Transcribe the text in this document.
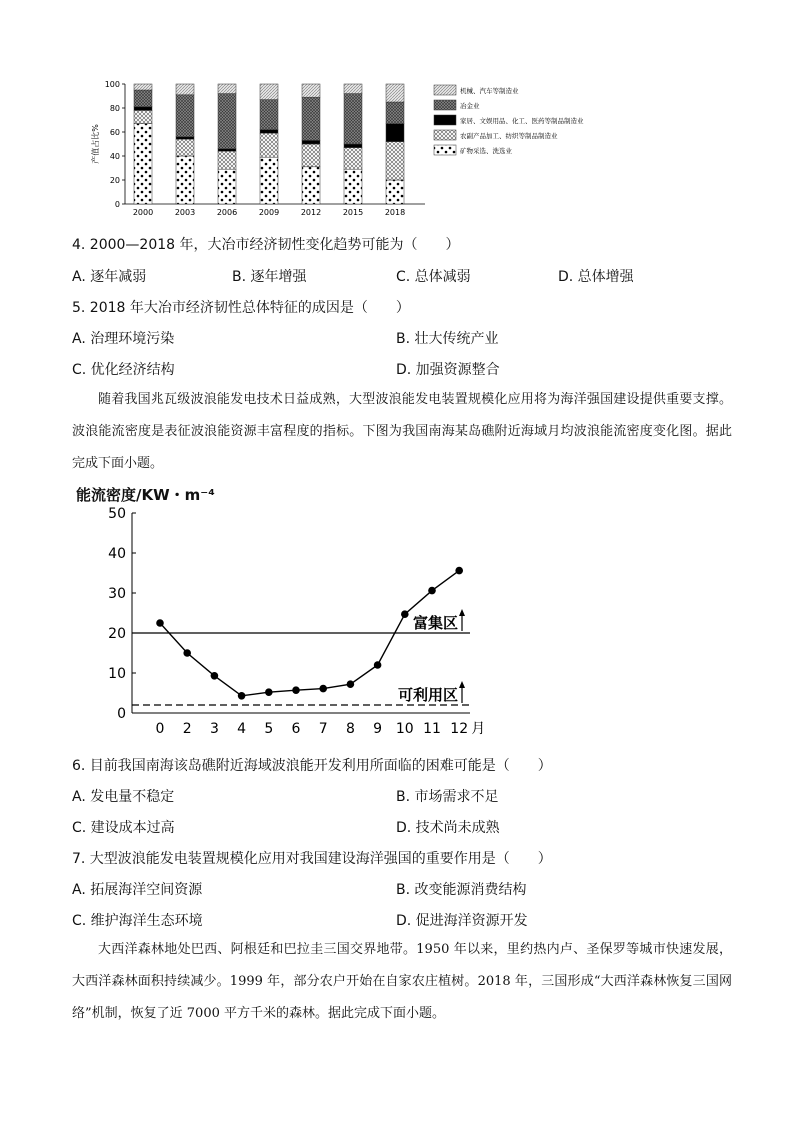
0
20
40
60
80
100
产值占比%
2000	2003	2006	2009	2012	2015	2018
机械、汽车等制造业
冶金业
家居、文娱用品、化工、医药等制品制造业
农副产品加工、纺织等制品制造业
矿物采选、洗选业
4. 2000—2018 年，大冶市经济韧性变化趋势可能为（　　）
A. 逐年减弱	B. 逐年增强	C. 总体减弱	D. 总体增强
5. 2018 年大冶市经济韧性总体特征的成因是（　　）
A. 治理环境污染	B. 壮大传统产业
C. 优化经济结构	D. 加强资源整合
随着我国兆瓦级波浪能发电技术日益成熟，大型波浪能发电装置规模化应用将为海洋强国建设提供重要支撑。波浪能流密度是表征波浪能资源丰富程度的指标。下图为我国南海某岛礁附近海域月均波浪能流密度变化图。据此完成下面小题。
能流密度/KW・m⁻⁴
0
10
20
30
40
50
0 2 3 4 5 6 7 8 9 10 11 12 月
富集区
可利用区
6. 目前我国南海该岛礁附近海域波浪能开发利用所面临的困难可能是（　　）
A. 发电量不稳定	B. 市场需求不足
C. 建设成本过高	D. 技术尚未成熟
7. 大型波浪能发电装置规模化应用对我国建设海洋强国的重要作用是（　　）
A. 拓展海洋空间资源	B. 改变能源消费结构
C. 维护海洋生态环境	D. 促进海洋资源开发
大西洋森林地处巴西、阿根廷和巴拉圭三国交界地带。1950 年以来，里约热内卢、圣保罗等城市快速发展，大西洋森林面积持续减少。1999 年，部分农户开始在自家农庄植树。2018 年，三国形成“大西洋森林恢复三国网络”机制，恢复了近 7000 平方千米的森林。据此完成下面小题。
